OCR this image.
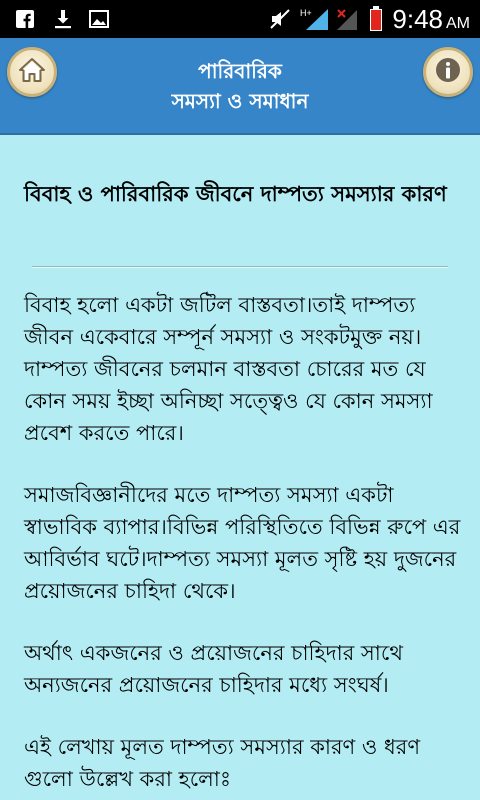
H+	9:48 AM
পারিবারিক
সমস্যা ও সমাধান
বিবাহ ও পারিবারিক জীবনে দাম্পত্য সমস্যার কারণ

বিবাহ হলো একটা জটিল বাস্তবতা।তাই দাম্পত্য জীবন একেবারে সম্পূর্ন সমস্যা ও সংকটমুক্ত নয়।দাম্পত্য জীবনের চলমান বাস্তবতা চোরের মত যে কোন সময় ইচ্ছা অনিচ্ছা সত্ত্বেও যে কোন সমস্যা প্রবেশ করতে পারে।

সমাজবিজ্ঞানীদের মতে দাম্পত্য সমস্যা একটা স্বাভাবিক ব্যাপার।বিভিন্ন পরিস্থিতিতে বিভিন্ন রুপে এর আবির্ভাব ঘটে।দাম্পত্য সমস্যা মূলত সৃষ্টি হয় দুজনের প্রয়োজনের চাহিদা থেকে।

অর্থাৎ একজনের ও প্রয়োজনের চাহিদার সাথে অন্যজনের প্রয়োজনের চাহিদার মধ্যে সংঘর্ষ।

এই লেখায় মূলত দাম্পত্য সমস্যার কারণ ও ধরণ গুলো উল্লেখ করা হলোঃ
